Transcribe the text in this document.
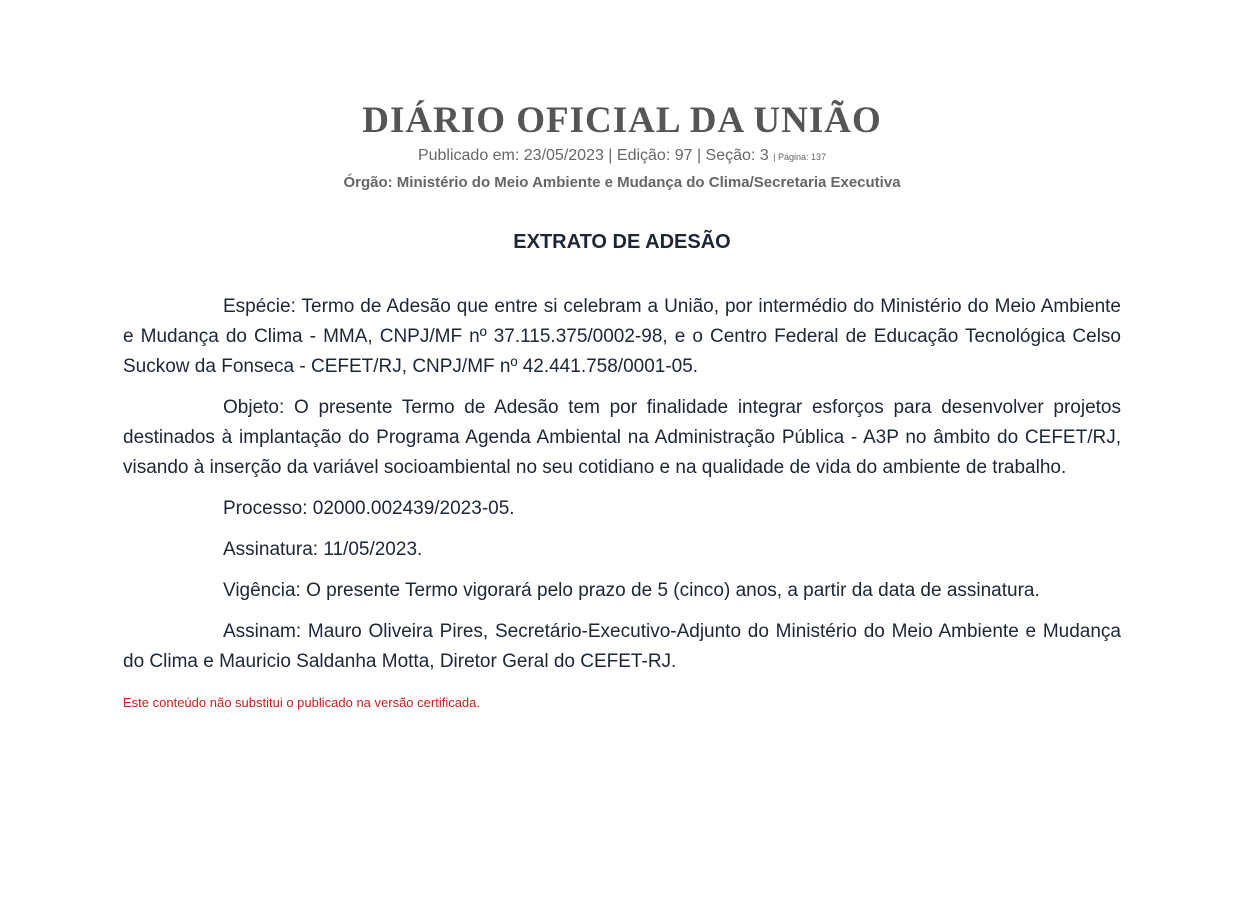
DIÁRIO OFICIAL DA UNIÃO
Publicado em: 23/05/2023 | Edição: 97 | Seção: 3 | Página: 137
Órgão: Ministério do Meio Ambiente e Mudança do Clima/Secretaria Executiva
EXTRATO DE ADESÃO

Espécie: Termo de Adesão que entre si celebram a União, por intermédio do Ministério do Meio Ambiente e Mudança do Clima - MMA, CNPJ/MF nº 37.115.375/0002-98, e o Centro Federal de Educação Tecnológica Celso Suckow da Fonseca - CEFET/RJ, CNPJ/MF nº 42.441.758/0001-05.

Objeto: O presente Termo de Adesão tem por finalidade integrar esforços para desenvolver projetos destinados à implantação do Programa Agenda Ambiental na Administração Pública - A3P no âmbito do CEFET/RJ, visando à inserção da variável socioambiental no seu cotidiano e na qualidade de vida do ambiente de trabalho.

Processo: 02000.002439/2023-05.

Assinatura: 11/05/2023.

Vigência: O presente Termo vigorará pelo prazo de 5 (cinco) anos, a partir da data de assinatura.

Assinam: Mauro Oliveira Pires, Secretário-Executivo-Adjunto do Ministério do Meio Ambiente e Mudança do Clima e Mauricio Saldanha Motta, Diretor Geral do CEFET-RJ.

Este conteúdo não substitui o publicado na versão certificada.
